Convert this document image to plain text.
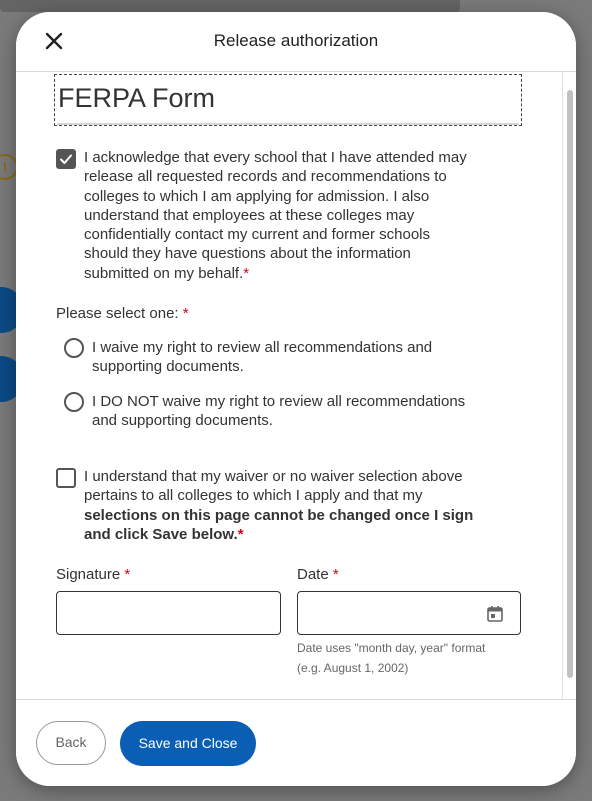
!
Release authorization
FERPA Form
I acknowledge that every school that I have attended may
release all requested records and recommendations to
colleges to which I am applying for admission. I also
understand that employees at these colleges may
confidentially contact my current and former schools
should they have questions about the information
submitted on my behalf.*
Please select one: *
I waive my right to review all recommendations and
supporting documents.
I DO NOT waive my right to review all recommendations
and supporting documents.
I understand that my waiver or no waiver selection above
pertains to all colleges to which I apply and that my
selections on this page cannot be changed once I sign
and click Save below.*
Signature *	Date *
Date uses "month day, year" format
(e.g. August 1, 2002)
Back	Save and Close
